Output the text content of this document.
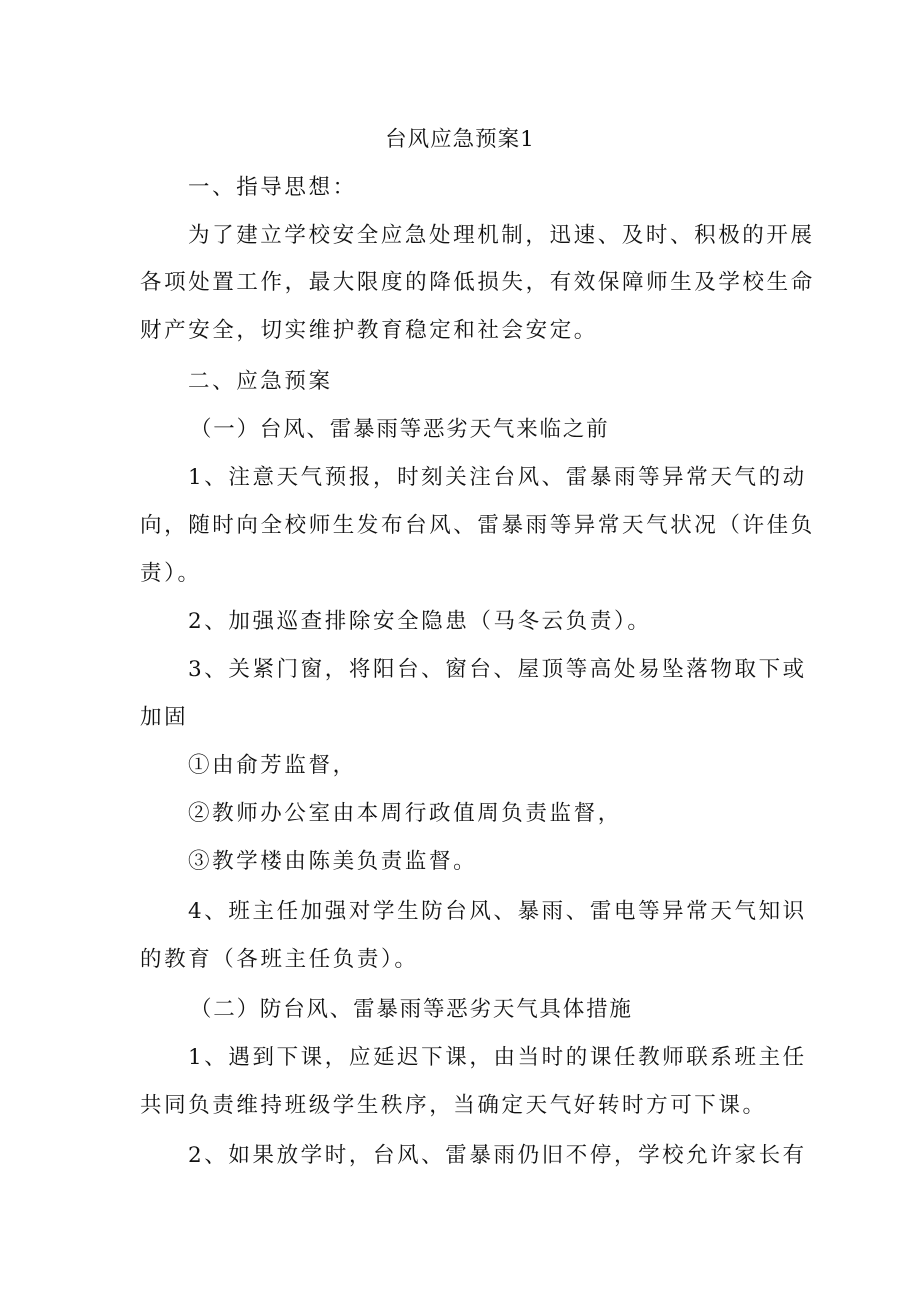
台风应急预案1
一、指导思想：
为了建立学校安全应急处理机制，迅速、及时、积极的开展
各项处置工作，最大限度的降低损失，有效保障师生及学校生命
财产安全，切实维护教育稳定和社会安定。
二、应急预案
（一）台风、雷暴雨等恶劣天气来临之前
1、注意天气预报，时刻关注台风、雷暴雨等异常天气的动
向，随时向全校师生发布台风、雷暴雨等异常天气状况（许佳负
责）。
2、加强巡查排除安全隐患（马冬云负责）。
3、关紧门窗，将阳台、窗台、屋顶等高处易坠落物取下或
加固
①由俞芳监督，
②教师办公室由本周行政值周负责监督，
③教学楼由陈美负责监督。
4、班主任加强对学生防台风、暴雨、雷电等异常天气知识
的教育（各班主任负责）。
（二）防台风、雷暴雨等恶劣天气具体措施
1、遇到下课，应延迟下课，由当时的课任教师联系班主任
共同负责维持班级学生秩序，当确定天气好转时方可下课。
2、如果放学时，台风、雷暴雨仍旧不停，学校允许家长有
